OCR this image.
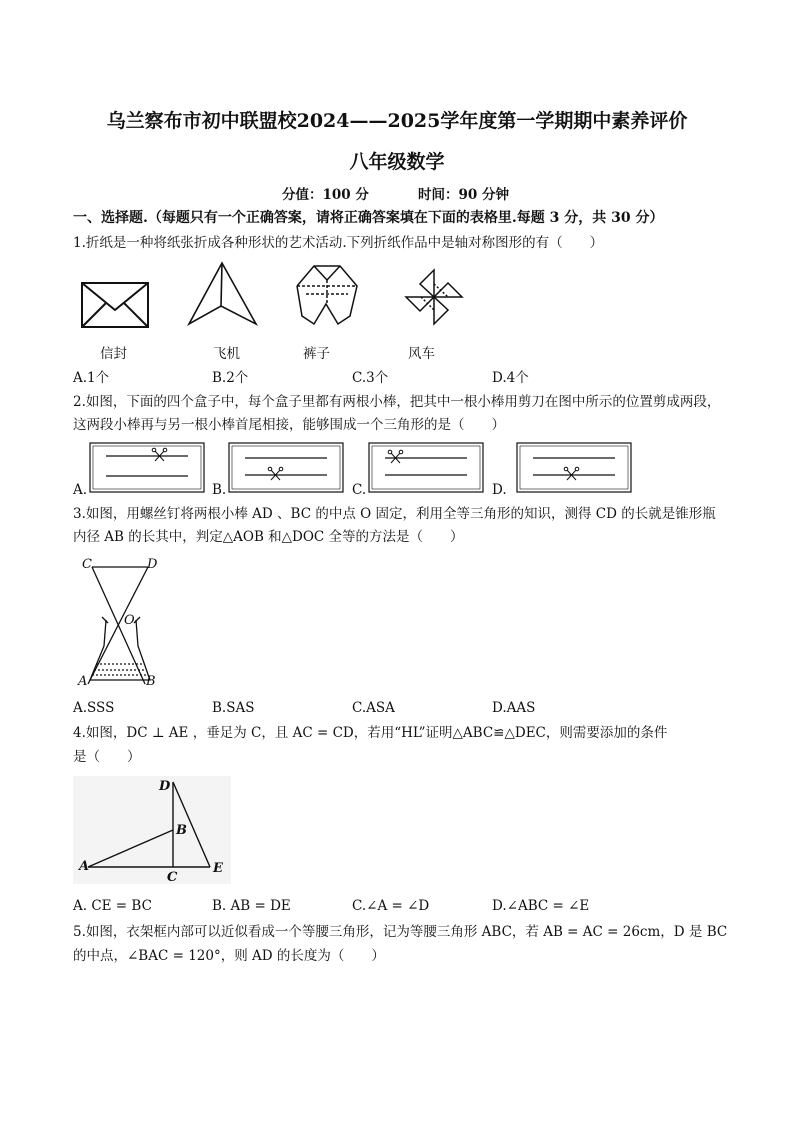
乌兰察布市初中联盟校2024——2025学年度第一学期期中素养评价
八年级数学
分值：100 分	时间：90 分钟
一、选择题.（每题只有一个正确答案，请将正确答案填在下面的表格里.每题 3 分，共 30 分）
1.折纸是一种将纸张折成各种形状的艺术活动.下列折纸作品中是轴对称图形的有（　　）
信封	飞机	裤子	风车
A.1个	B.2个	C.3个	D.4个
2.如图，下面的四个盒子中，每个盒子里都有两根小棒，把其中一根小棒用剪刀在图中所示的位置剪成两段，
这两段小棒再与另一根小棒首尾相接，能够围成一个三角形的是（　　）
A.	B.	C.	D.
3.如图，用螺丝钉将两根小棒 AD 、BC 的中点 O 固定，利用全等三角形的知识，测得 CD 的长就是锥形瓶
内径 AB 的长其中，判定△AOB 和△DOC 全等的方法是（　　）
C	D
O
A	B
A.SSS	B.SAS	C.ASA	D.AAS
4.如图，DC ⊥ AE ，垂足为 C，且 AC = CD，若用“HL”证明△ABC≌△DEC，则需要添加的条件
是（　　）
D
B
A
C
E
A. CE = BC	B. AB = DE	C.∠A = ∠D	D.∠ABC = ∠E
5.如图，衣架框内部可以近似看成一个等腰三角形，记为等腰三角形 ABC，若 AB = AC = 26cm，D 是 BC
的中点，∠BAC = 120°，则 AD 的长度为（　　）
